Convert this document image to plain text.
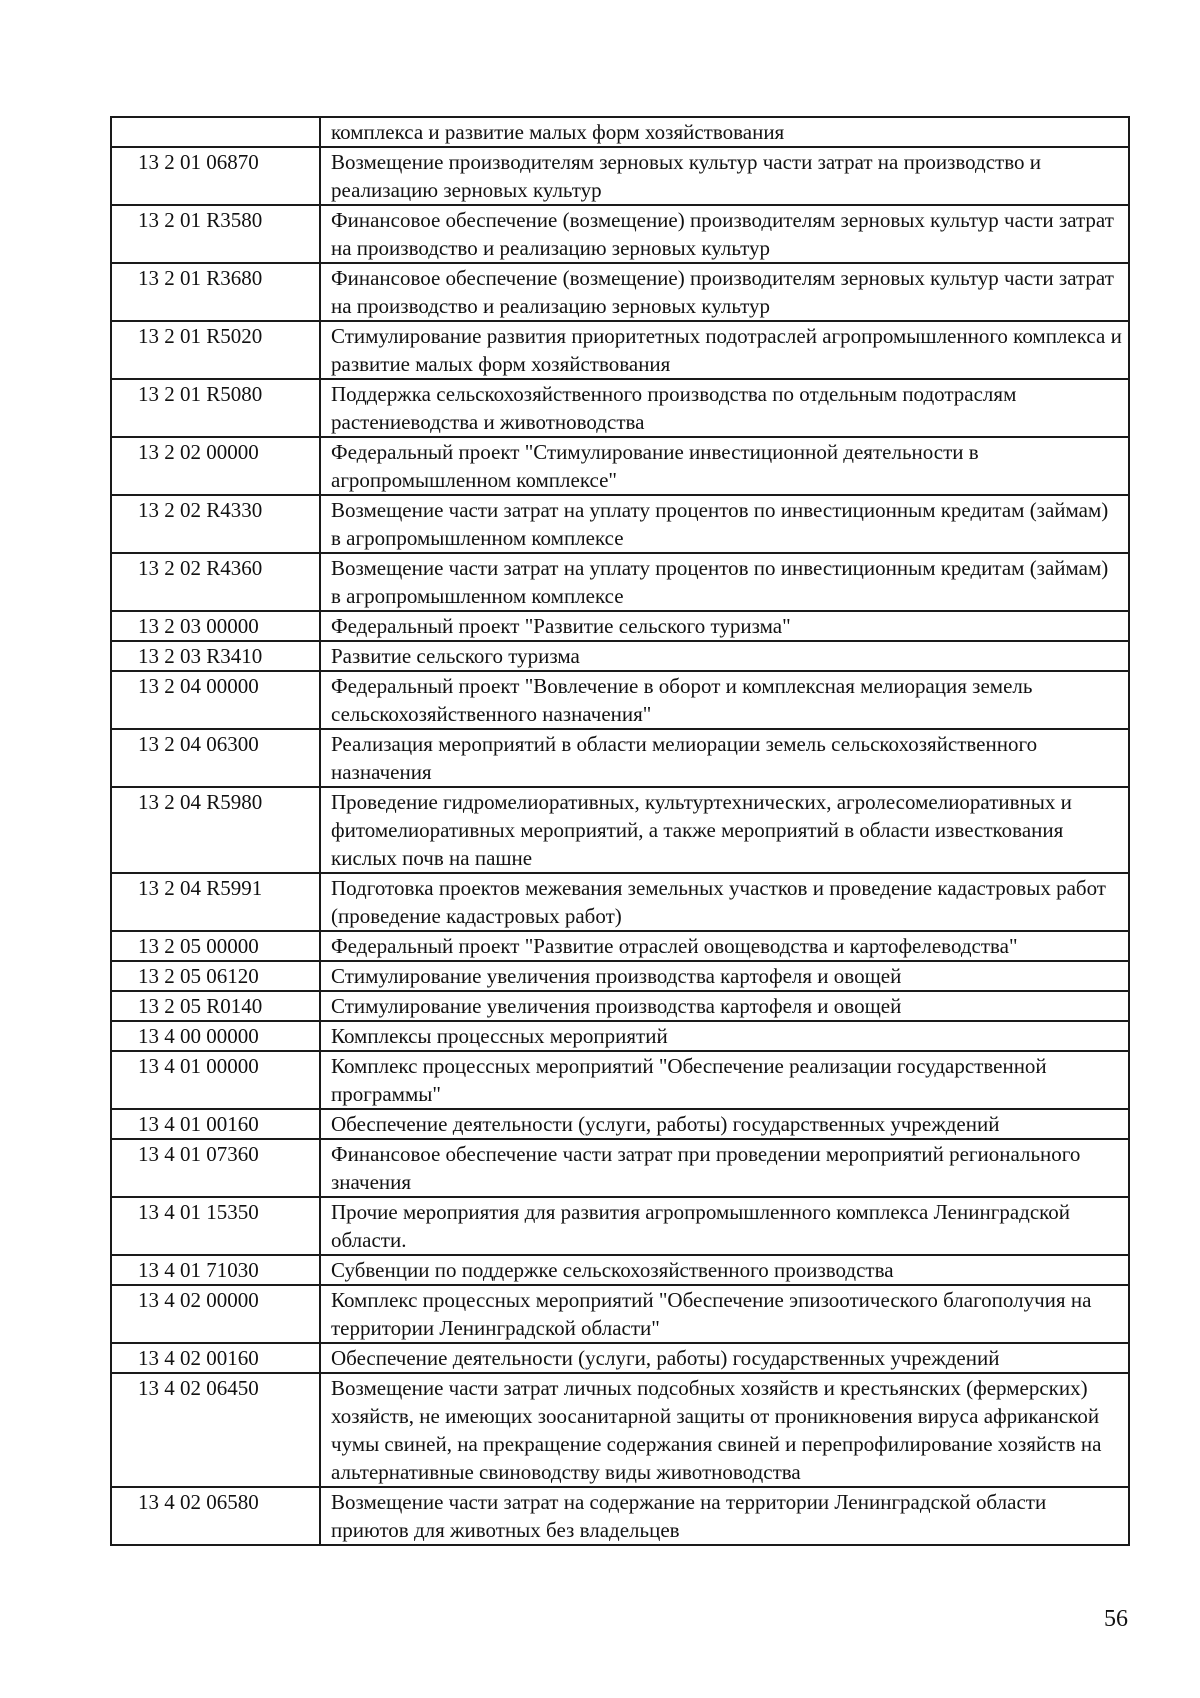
	комплекса и развитие малых форм хозяйствования
13 2 01 06870	Возмещение производителям зерновых культур части затрат на производство и реализацию зерновых культур
13 2 01 R3580	Финансовое обеспечение (возмещение) производителям зерновых культур части затрат на производство и реализацию зерновых культур
13 2 01 R3680	Финансовое обеспечение (возмещение) производителям зерновых культур части затрат на производство и реализацию зерновых культур
13 2 01 R5020	Стимулирование развития приоритетных подотраслей агропромышленного комплекса и развитие малых форм хозяйствования
13 2 01 R5080	Поддержка сельскохозяйственного производства по отдельным подотраслям растениеводства и животноводства
13 2 02 00000	Федеральный проект "Стимулирование инвестиционной деятельности в агропромышленном комплексе"
13 2 02 R4330	Возмещение части затрат на уплату процентов по инвестиционным кредитам (займам) в агропромышленном комплексе
13 2 02 R4360	Возмещение части затрат на уплату процентов по инвестиционным кредитам (займам) в агропромышленном комплексе
13 2 03 00000	Федеральный проект "Развитие сельского туризма"
13 2 03 R3410	Развитие сельского туризма
13 2 04 00000	Федеральный проект "Вовлечение в оборот и комплексная мелиорация земель сельскохозяйственного назначения"
13 2 04 06300	Реализация мероприятий в области мелиорации земель сельскохозяйственного назначения
13 2 04 R5980	Проведение гидромелиоративных, культуртехнических, агролесомелиоративных и фитомелиоративных мероприятий, а также мероприятий в области известкования кислых почв на пашне
13 2 04 R5991	Подготовка проектов межевания земельных участков и проведение кадастровых работ (проведение кадастровых работ)
13 2 05 00000	Федеральный проект "Развитие отраслей овощеводства и картофелеводства"
13 2 05 06120	Стимулирование увеличения производства картофеля и овощей
13 2 05 R0140	Стимулирование увеличения производства картофеля и овощей
13 4 00 00000	Комплексы процессных мероприятий
13 4 01 00000	Комплекс процессных мероприятий "Обеспечение реализации государственной программы"
13 4 01 00160	Обеспечение деятельности (услуги, работы) государственных учреждений
13 4 01 07360	Финансовое обеспечение части затрат при проведении мероприятий регионального значения
13 4 01 15350	Прочие мероприятия для развития агропромышленного комплекса Ленинградской области.
13 4 01 71030	Субвенции по поддержке сельскохозяйственного производства
13 4 02 00000	Комплекс процессных мероприятий "Обеспечение эпизоотического благополучия на территории Ленинградской области"
13 4 02 00160	Обеспечение деятельности (услуги, работы) государственных учреждений
13 4 02 06450	Возмещение части затрат личных подсобных хозяйств и крестьянских (фермерских) хозяйств, не имеющих зоосанитарной защиты от проникновения вируса африканской чумы свиней, на прекращение содержания свиней и перепрофилирование хозяйств на альтернативные свиноводству виды животноводства
13 4 02 06580	Возмещение части затрат на содержание на территории Ленинградской области приютов для животных без владельцев
56
